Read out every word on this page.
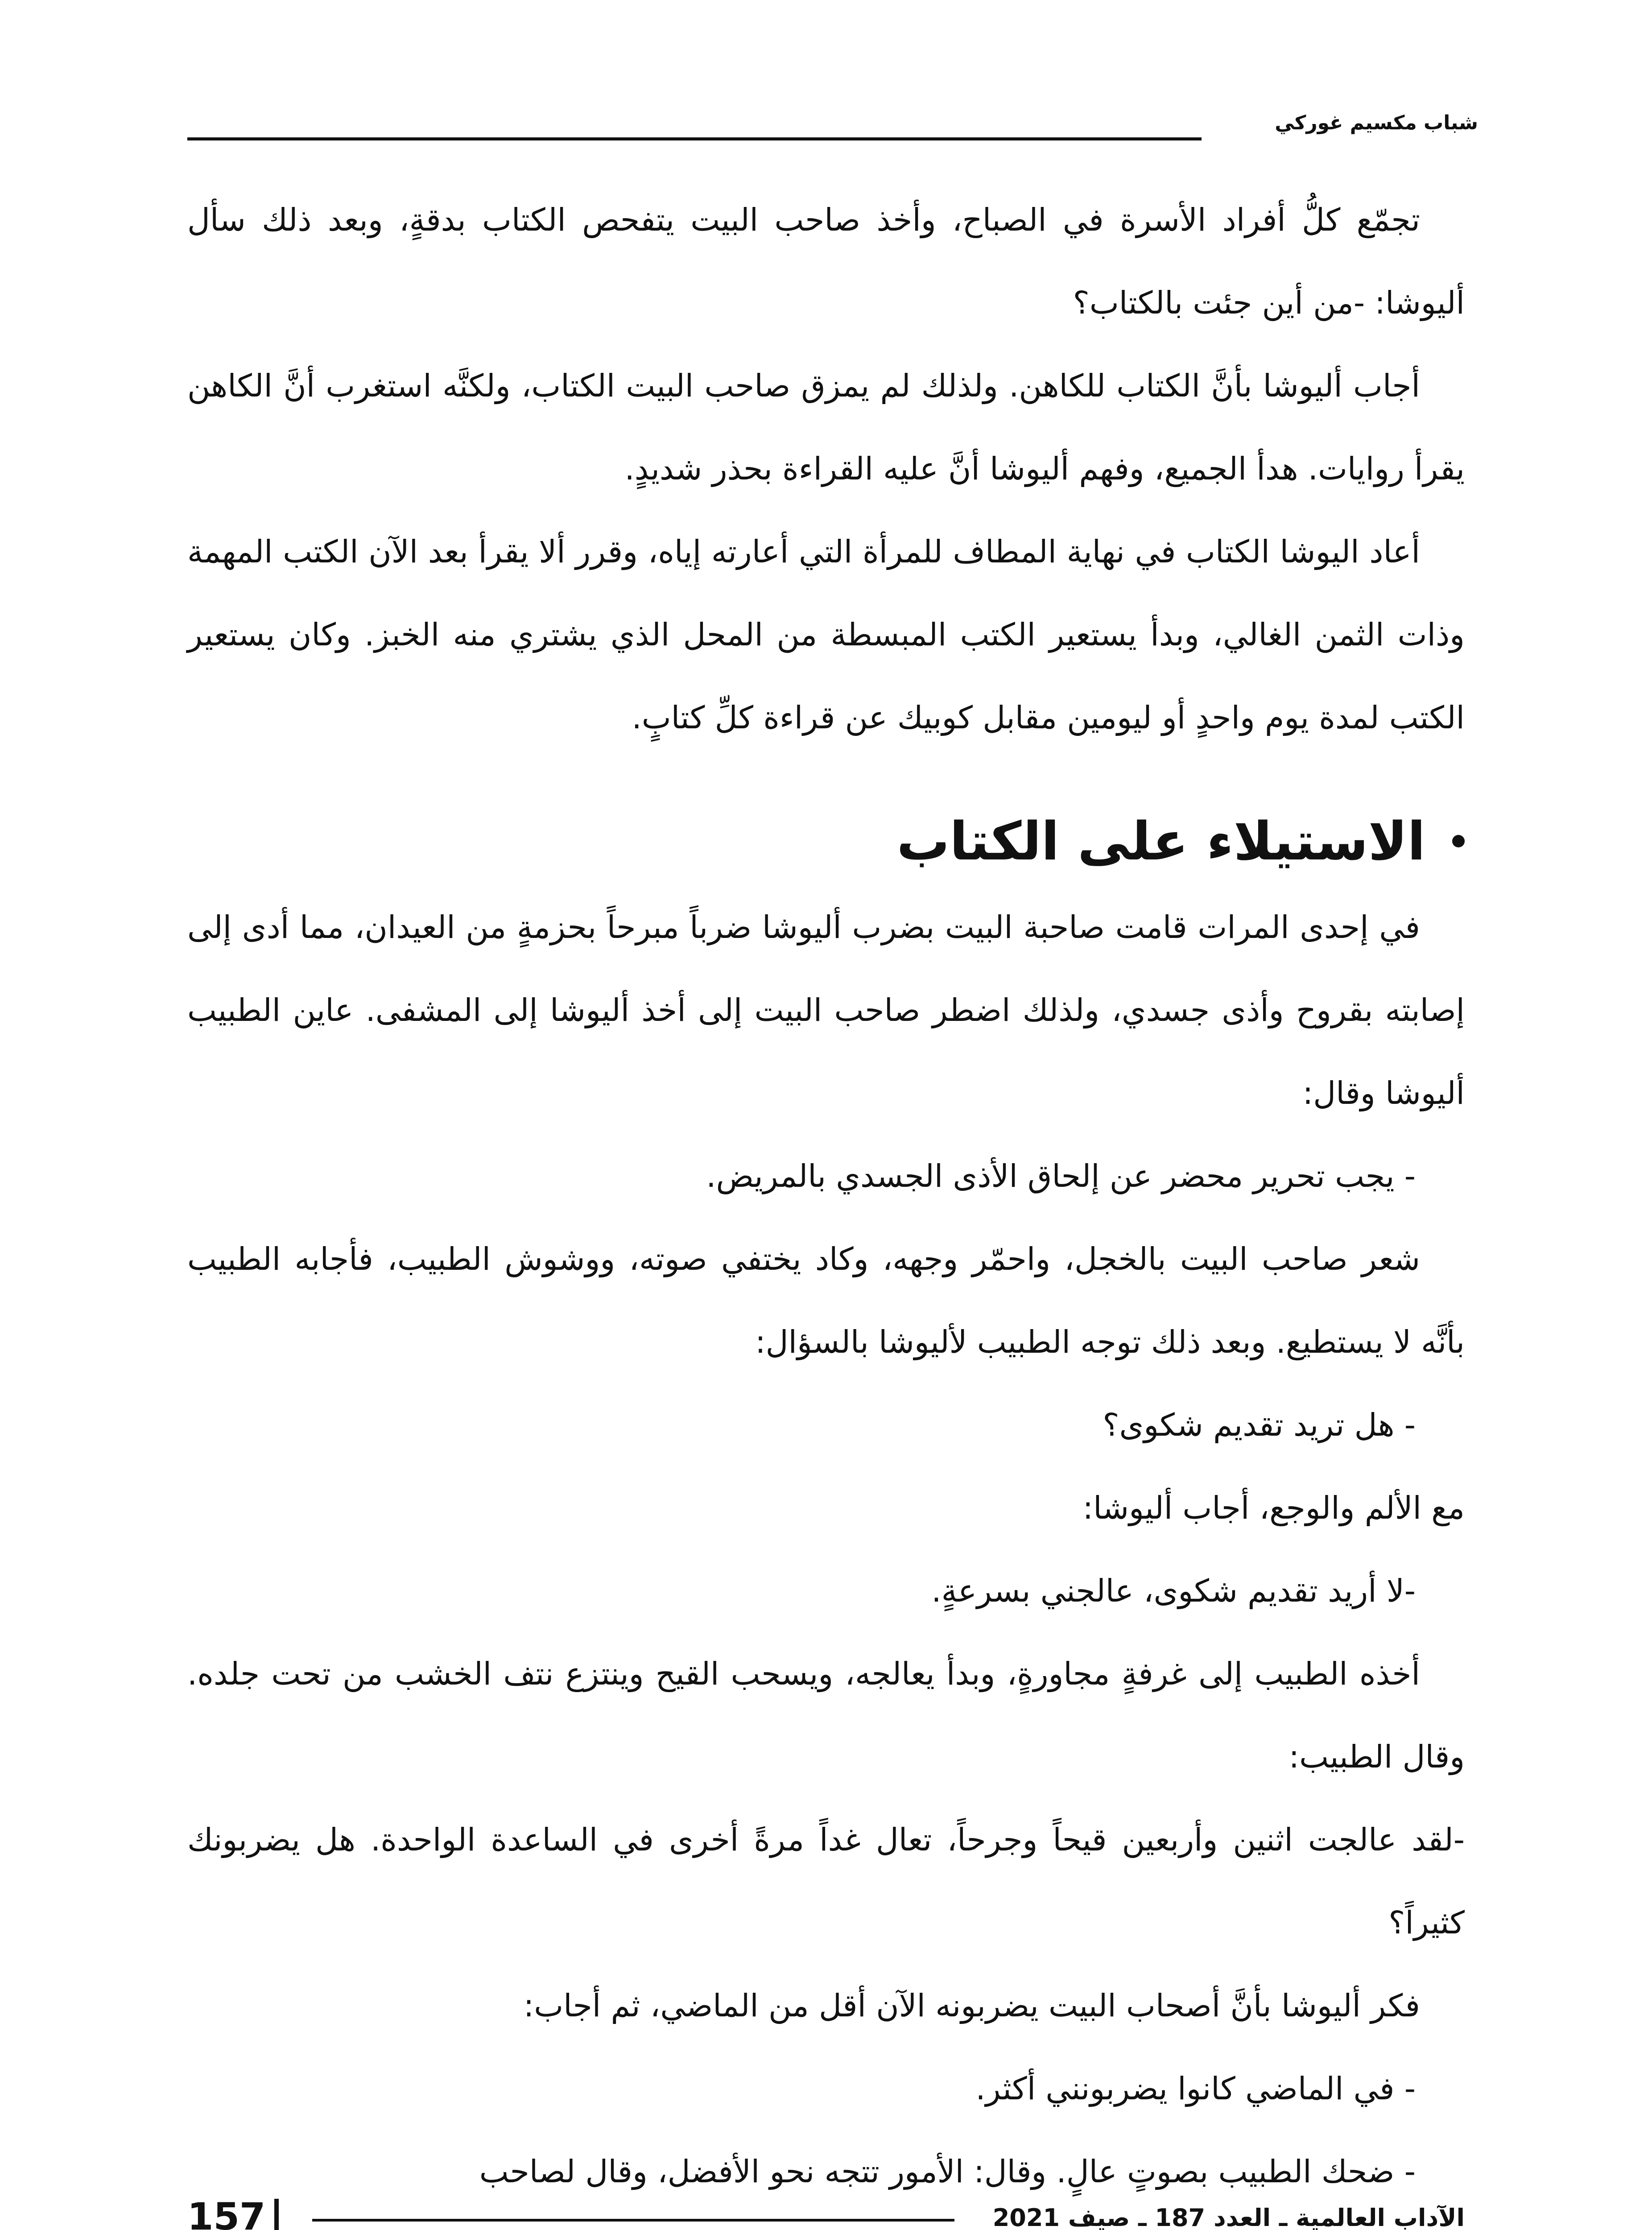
شباب مكسيم غوركي

تجمّع كلُّ أفراد الأسرة في الصباح، وأخذ صاحب البيت يتفحص الكتاب بدقةٍ، وبعد ذلك سأل أليوشا: -من أين جئت بالكتاب؟

أجاب أليوشا بأنَّ الكتاب للكاهن. ولذلك لم يمزق صاحب البيت الكتاب، ولكنَّه استغرب أنَّ الكاهن يقرأ روايات. هدأ الجميع، وفهم أليوشا أنَّ عليه القراءة بحذر شديدٍ.

أعاد اليوشا الكتاب في نهاية المطاف للمرأة التي أعارته إياه، وقرر ألا يقرأ بعد الآن الكتب المهمة وذات الثمن الغالي، وبدأ يستعير الكتب المبسطة من المحل الذي يشتري منه الخبز. وكان يستعير الكتب لمدة يوم واحدٍ أو ليومين مقابل كوبيك عن قراءة كلِّ كتابٍ.

الاستيلاء على الكتاب

في إحدى المرات قامت صاحبة البيت بضرب أليوشا ضرباً مبرحاً بحزمةٍ من العيدان، مما أدى إلى إصابته بقروح وأذى جسدي، ولذلك اضطر صاحب البيت إلى أخذ أليوشا إلى المشفى. عاين الطبيب أليوشا وقال:

- يجب تحرير محضر عن إلحاق الأذى الجسدي بالمريض.

شعر صاحب البيت بالخجل، واحمّر وجهه، وكاد يختفي صوته، ووشوش الطبيب، فأجابه الطبيب بأنَّه لا يستطيع. وبعد ذلك توجه الطبيب لأليوشا بالسؤال:

- هل تريد تقديم شكوى؟

مع الألم والوجع، أجاب أليوشا:

-لا أريد تقديم شكوى، عالجني بسرعةٍ.

أخذه الطبيب إلى غرفةٍ مجاورةٍ، وبدأ يعالجه، ويسحب القيح وينتزع نتف الخشب من تحت جلده. وقال الطبيب:

-لقد عالجت اثنين وأربعين قيحاً وجرحاً، تعال غداً مرةً أخرى في الساعدة الواحدة. هل يضربونك كثيراً؟

فكر أليوشا بأنَّ أصحاب البيت يضربونه الآن أقل من الماضي، ثم أجاب:

- في الماضي كانوا يضربونني أكثر.

- ضحك الطبيب بصوتٍ عالٍ. وقال: الأمور تتجه نحو الأفضل، وقال لصاحب

157	الآداب العالمية ـ العدد 187 ـ صيف 2021
